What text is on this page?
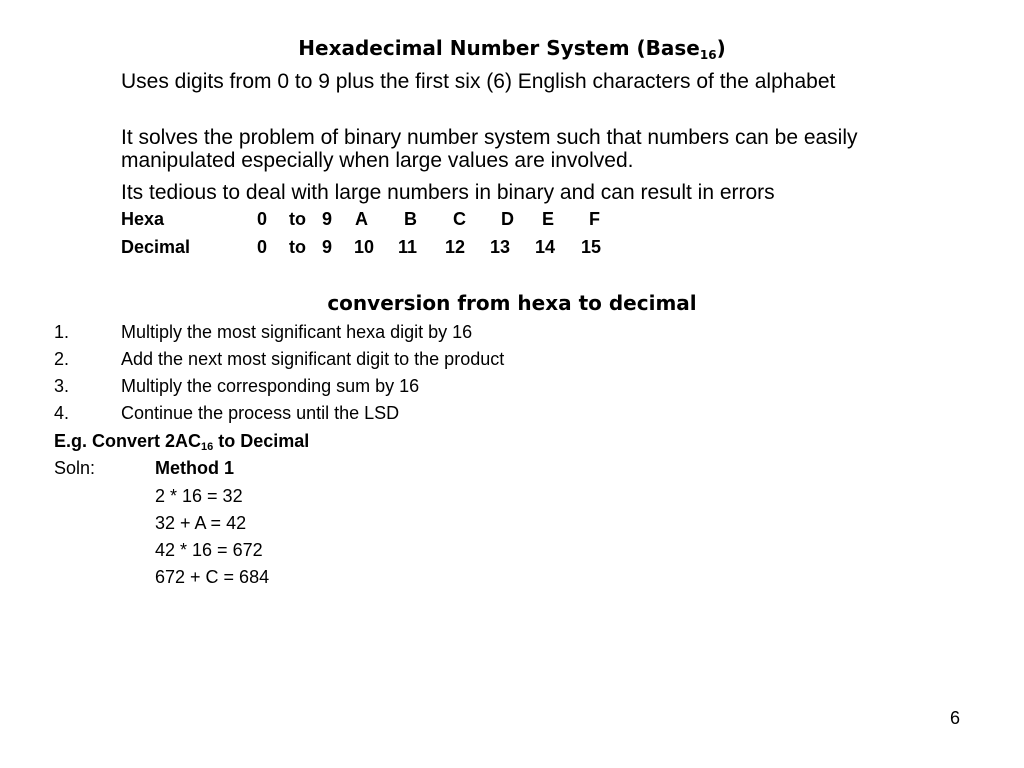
Hexadecimal Number System (Base$_{16}$)
Uses digits from 0 to 9 plus the first six (6) English characters of the alphabet
It solves the problem of binary number system such that numbers can be easily manipulated especially when large values are involved.
Its tedious to deal with large numbers in binary and can result in errors
Hexa	0 to 9 A B C D E F
Decimal	0 to 9 10 11 12 13 14 15
conversion from hexa to decimal
1.	Multiply the most significant hexa digit by 16
2.	Add the next most significant digit to the product
3.	Multiply the corresponding sum by 16
4.	Continue the process until the LSD
E.g. Convert $2AC_{16}$ to Decimal
Soln:	Method 1
2 * 16 = 32
32 + A = 42
42 * 16 = 672
672 + C = 684
6
